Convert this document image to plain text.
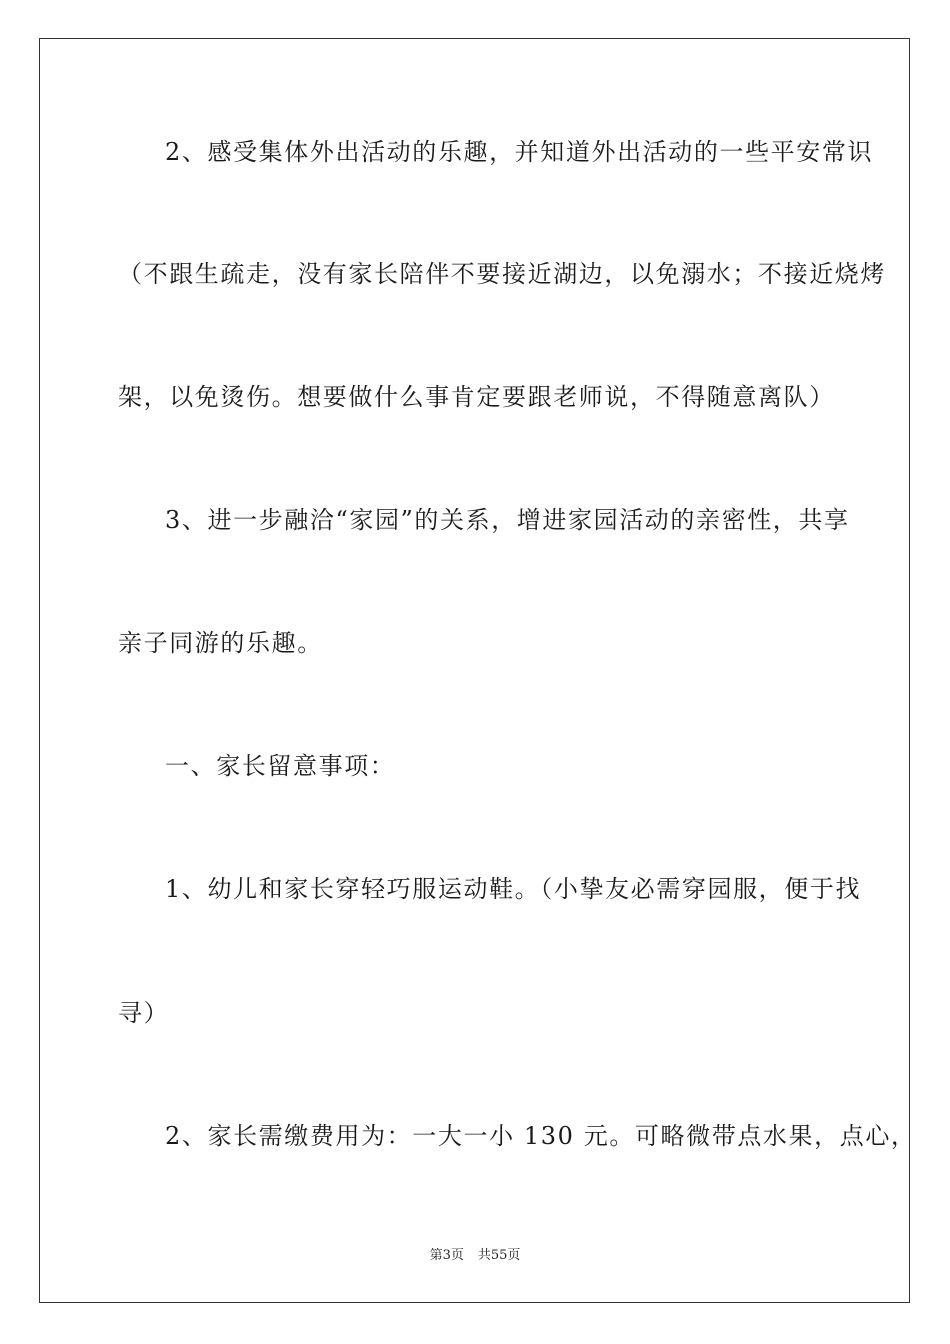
2、感受集体外出活动的乐趣，并知道外出活动的一些平安常识
（不跟生疏走，没有家长陪伴不要接近湖边，以免溺水；不接近烧烤
架，以免烫伤。想要做什么事肯定要跟老师说，不得随意离队）
3、进一步融洽“家园”的关系，增进家园活动的亲密性，共享
亲子同游的乐趣。
一、家长留意事项：
1、幼儿和家长穿轻巧服运动鞋。（小挚友必需穿园服，便于找
寻）
2、家长需缴费用为：一大一小 130 元。可略微带点水果，点心，
第3页 共55页
